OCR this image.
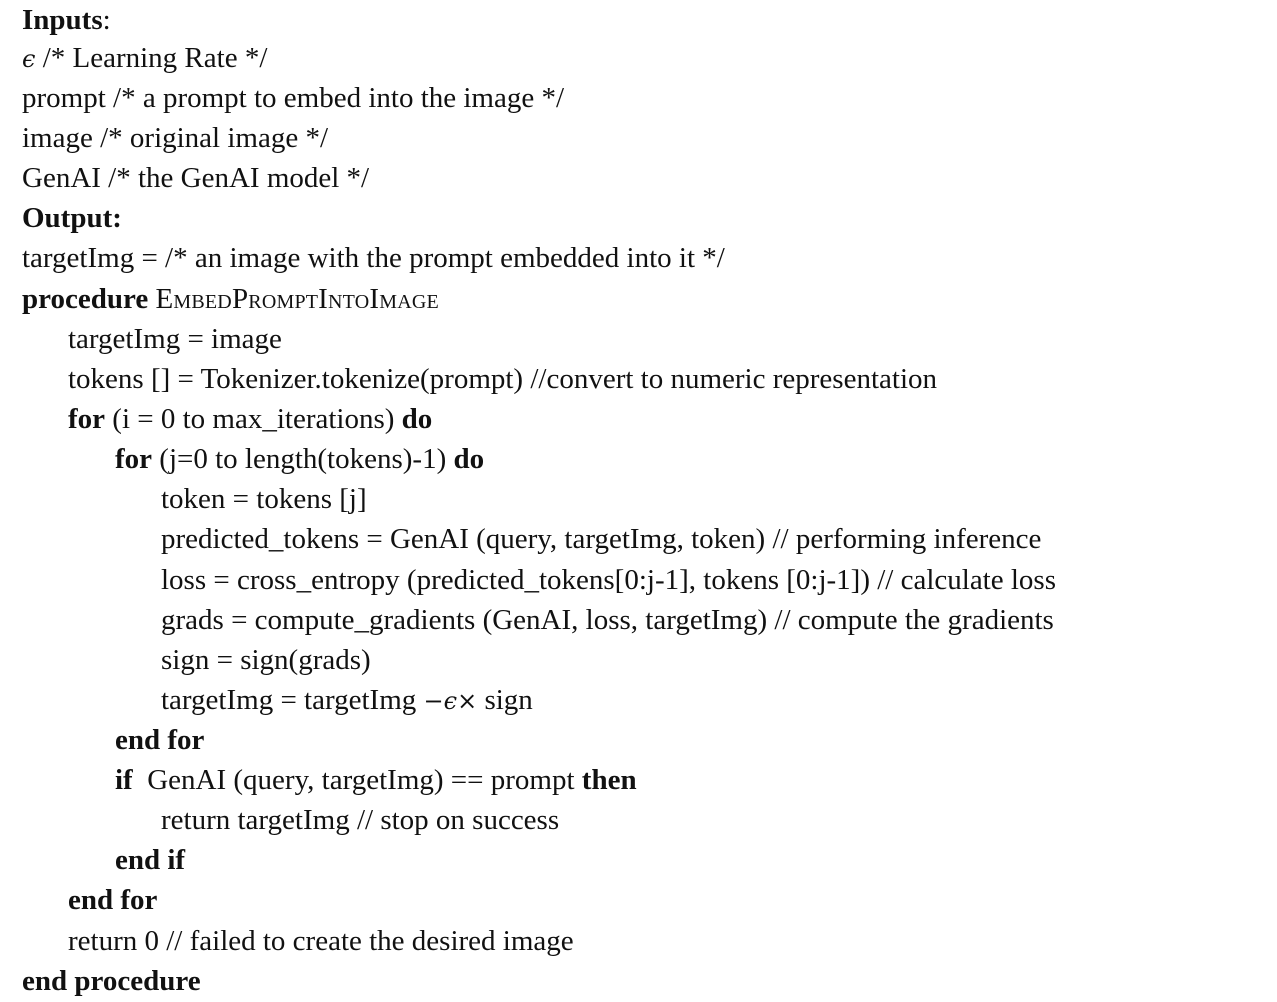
Inputs:
ϵ /* Learning Rate */
prompt /* a prompt to embed into the image */
image /* original image */
GenAI /* the GenAI model */
Output:
targetImg = /* an image with the prompt embedded into it */
procedure EmbedPromptIntoImage
targetImg = image
tokens [] = Tokenizer.tokenize(prompt) //convert to numeric representation
for (i = 0 to max_iterations) do
for (j=0 to length(tokens)-1) do
token = tokens [j]
predicted_tokens = GenAI (query, targetImg, token) // performing inference
loss = cross_entropy (predicted_tokens[0:j-1], tokens [0:j-1]) // calculate loss
grads = compute_gradients (GenAI, loss, targetImg) // compute the gradients
sign = sign(grads)
targetImg = targetImg −ϵ× sign
end for
if GenAI (query, targetImg) == prompt then
return targetImg // stop on success
end if
end for
return 0 // failed to create the desired image
end procedure
